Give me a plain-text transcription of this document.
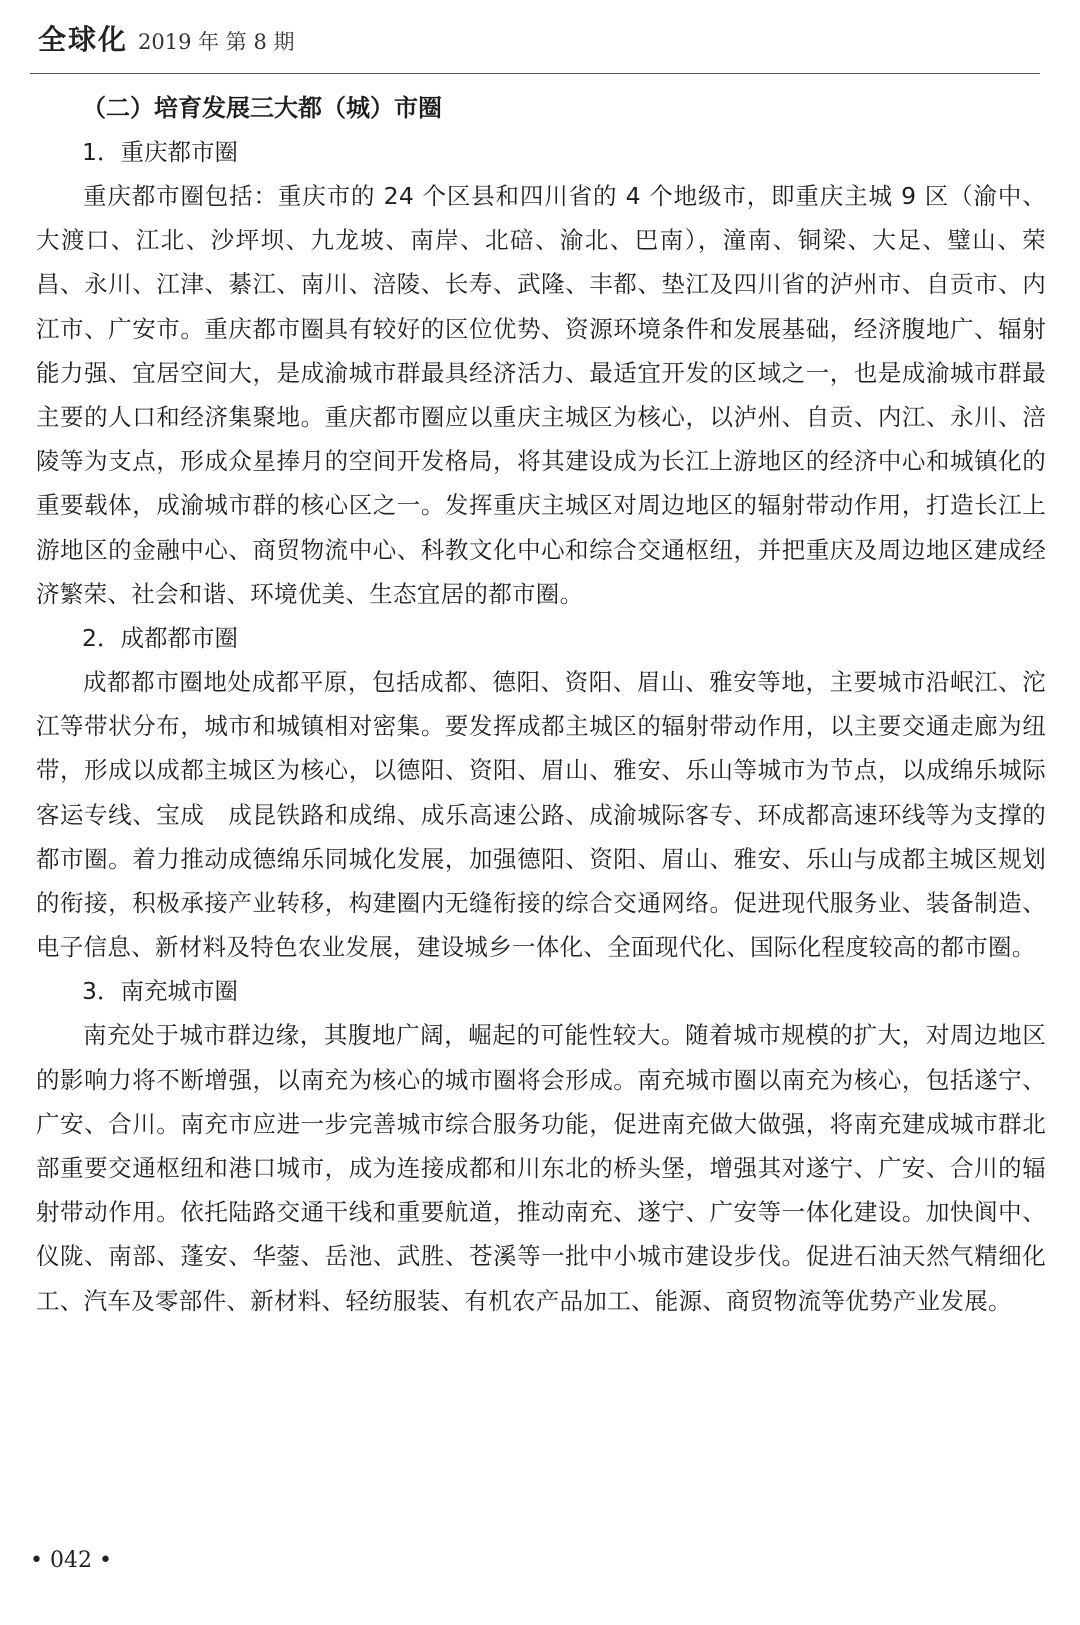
全球化 2019 年 第 8 期

（二）培育发展三大都（城）市圈

1．重庆都市圈

重庆都市圈包括：重庆市的 24 个区县和四川省的 4 个地级市，即重庆主城 9 区（渝中、大渡口、江北、沙坪坝、九龙坡、南岸、北碚、渝北、巴南），潼南、铜梁、大足、璧山、荣昌、永川、江津、綦江、南川、涪陵、长寿、武隆、丰都、垫江及四川省的泸州市、自贡市、内江市、广安市。重庆都市圈具有较好的区位优势、资源环境条件和发展基础，经济腹地广、辐射能力强、宜居空间大，是成渝城市群最具经济活力、最适宜开发的区域之一，也是成渝城市群最主要的人口和经济集聚地。重庆都市圈应以重庆主城区为核心，以泸州、自贡、内江、永川、涪陵等为支点，形成众星捧月的空间开发格局，将其建设成为长江上游地区的经济中心和城镇化的重要载体，成渝城市群的核心区之一。发挥重庆主城区对周边地区的辐射带动作用，打造长江上游地区的金融中心、商贸物流中心、科教文化中心和综合交通枢纽，并把重庆及周边地区建成经济繁荣、社会和谐、环境优美、生态宜居的都市圈。

2．成都都市圈

成都都市圈地处成都平原，包括成都、德阳、资阳、眉山、雅安等地，主要城市沿岷江、沱江等带状分布，城市和城镇相对密集。要发挥成都主城区的辐射带动作用，以主要交通走廊为纽带，形成以成都主城区为核心，以德阳、资阳、眉山、雅安、乐山等城市为节点，以成绵乐城际客运专线、宝成　成昆铁路和成绵、成乐高速公路、成渝城际客专、环成都高速环线等为支撑的都市圈。着力推动成德绵乐同城化发展，加强德阳、资阳、眉山、雅安、乐山与成都主城区规划的衔接，积极承接产业转移，构建圈内无缝衔接的综合交通网络。促进现代服务业、装备制造、电子信息、新材料及特色农业发展，建设城乡一体化、全面现代化、国际化程度较高的都市圈。

3．南充城市圈

南充处于城市群边缘，其腹地广阔，崛起的可能性较大。随着城市规模的扩大，对周边地区的影响力将不断增强，以南充为核心的城市圈将会形成。南充城市圈以南充为核心，包括遂宁、广安、合川。南充市应进一步完善城市综合服务功能，促进南充做大做强，将南充建成城市群北部重要交通枢纽和港口城市，成为连接成都和川东北的桥头堡，增强其对遂宁、广安、合川的辐射带动作用。依托陆路交通干线和重要航道，推动南充、遂宁、广安等一体化建设。加快阆中、仪陇、南部、蓬安、华蓥、岳池、武胜、苍溪等一批中小城市建设步伐。促进石油天然气精细化工、汽车及零部件、新材料、轻纺服装、有机农产品加工、能源、商贸物流等优势产业发展。

• 042 •
